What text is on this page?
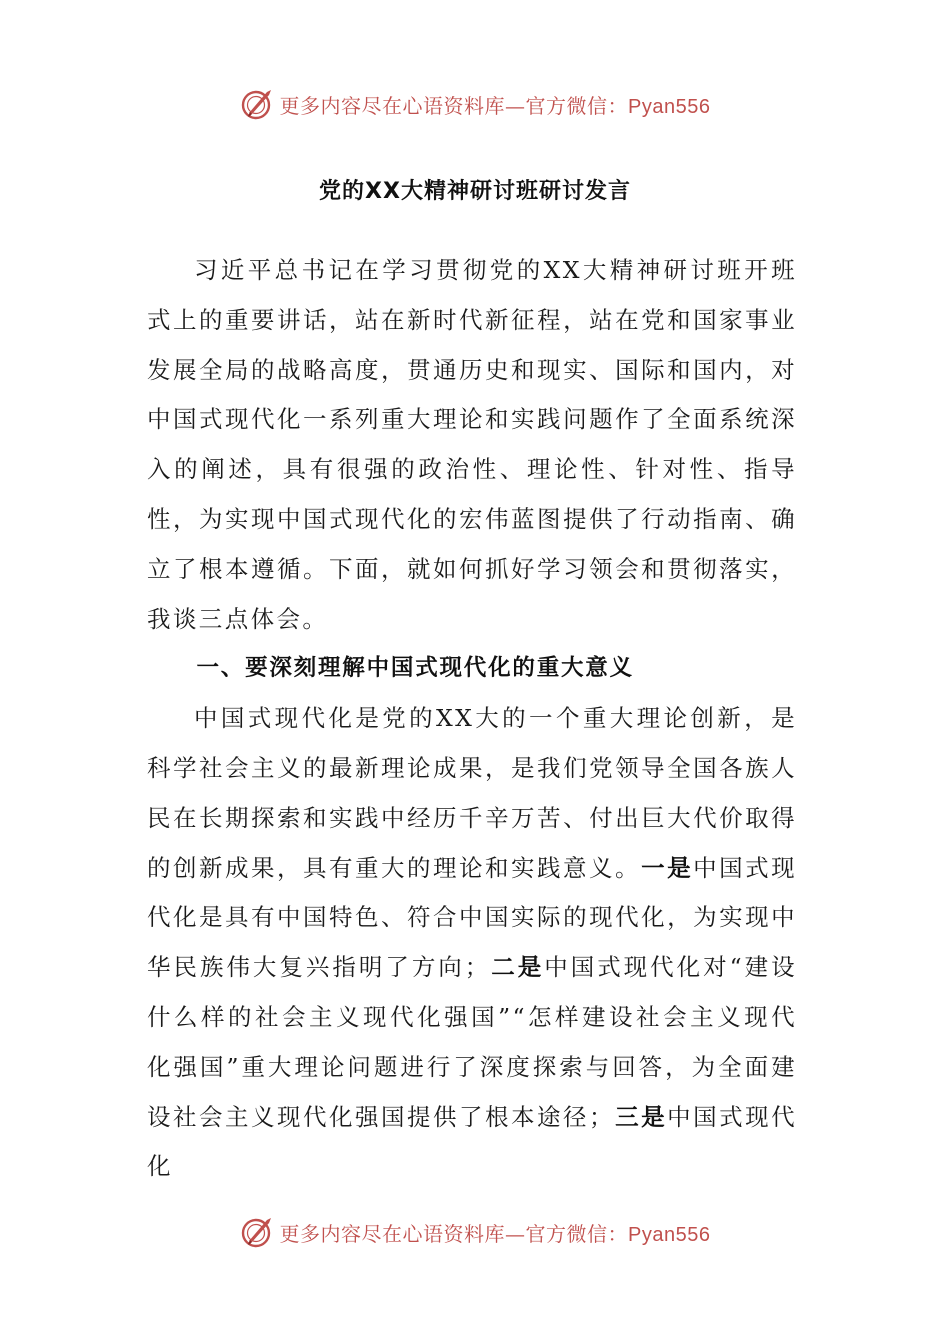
更多内容尽在心语资料库—官方微信：Pyan556
党的XX大精神研讨班研讨发言

习近平总书记在学习贯彻党的XX大精神研讨班开班式上的重要讲话，站在新时代新征程，站在党和国家事业发展全局的战略高度，贯通历史和现实、国际和国内，对中国式现代化一系列重大理论和实践问题作了全面系统深入的阐述，具有很强的政治性、理论性、针对性、指导性，为实现中国式现代化的宏伟蓝图提供了行动指南、确立了根本遵循。下面，就如何抓好学习领会和贯彻落实，我谈三点体会。

一、要深刻理解中国式现代化的重大意义

中国式现代化是党的XX大的一个重大理论创新，是科学社会主义的最新理论成果，是我们党领导全国各族人民在长期探索和实践中经历千辛万苦、付出巨大代价取得的创新成果，具有重大的理论和实践意义。一是中国式现代化是具有中国特色、符合中国实际的现代化，为实现中华民族伟大复兴指明了方向；二是中国式现代化对“建设什么样的社会主义现代化强国”“怎样建设社会主义现代化强国”重大理论问题进行了深度探索与回答，为全面建设社会主义现代化强国提供了根本途径；三是中国式现代化

更多内容尽在心语资料库—官方微信：Pyan556
